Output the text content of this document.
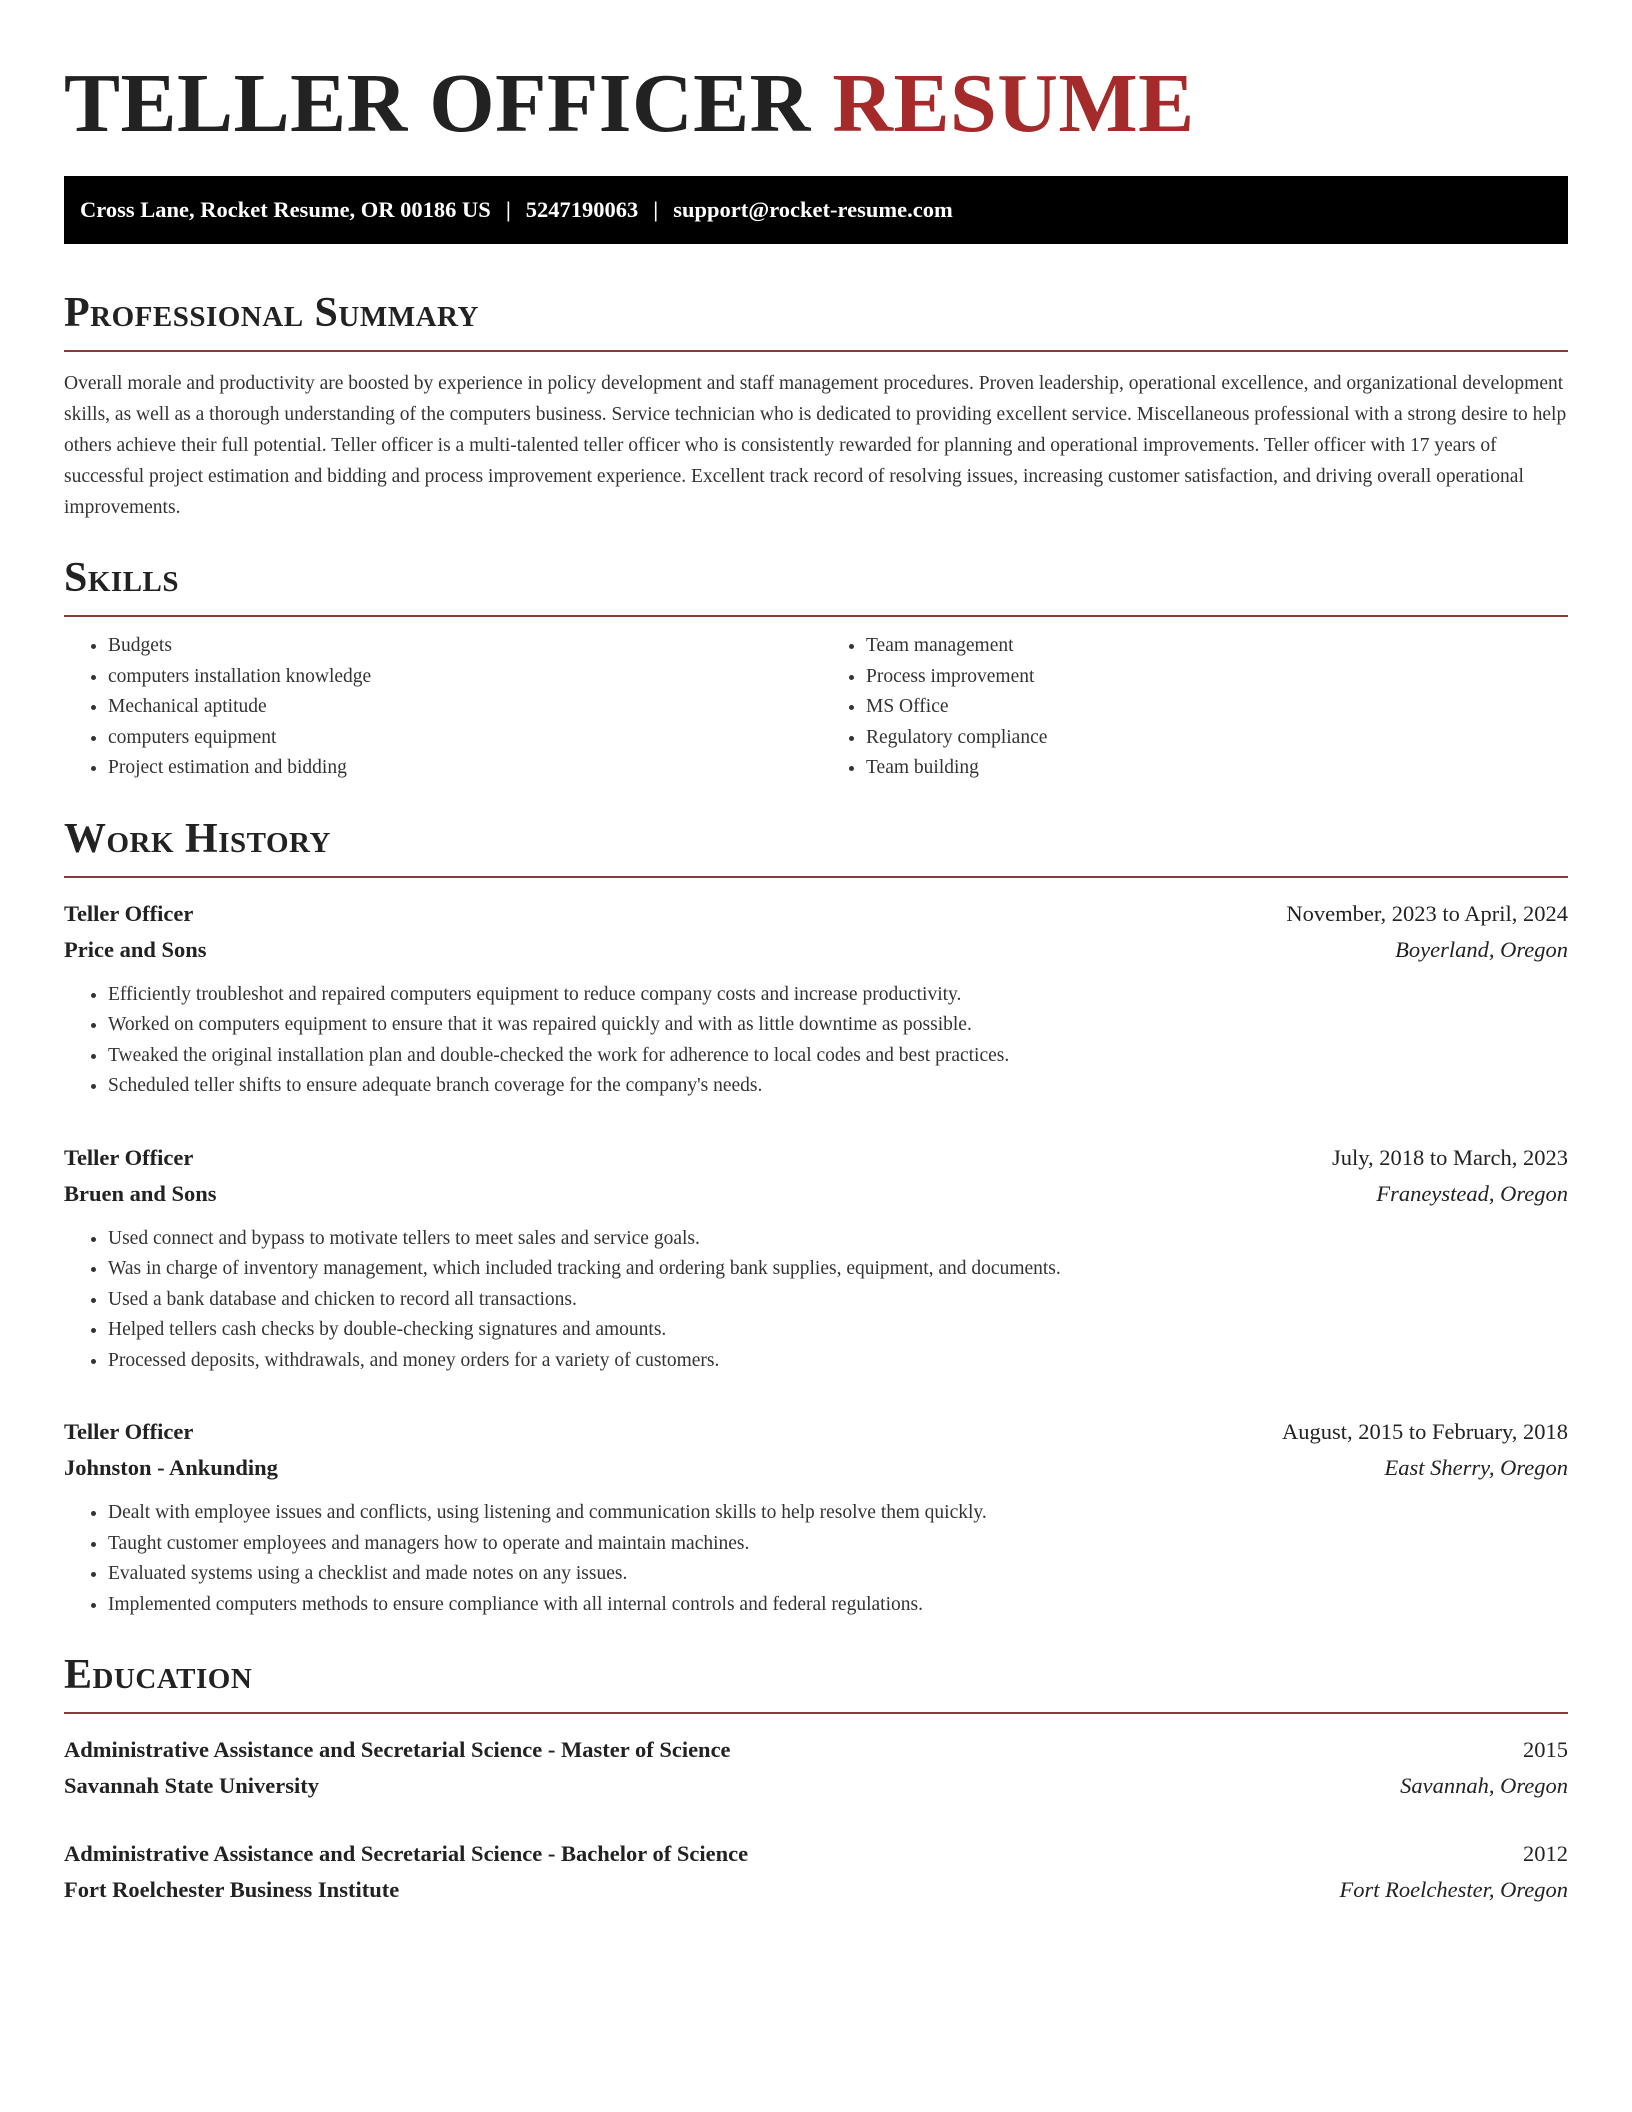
TELLER OFFICER RESUME
Cross Lane, Rocket Resume, OR 00186 US | 5247190063 | support@rocket-resume.com
Professional Summary

Overall morale and productivity are boosted by experience in policy development and staff management procedures. Proven leadership, operational excellence, and organizational development skills, as well as a thorough understanding of the computers business. Service technician who is dedicated to providing excellent service. Miscellaneous professional with a strong desire to help others achieve their full potential. Teller officer is a multi-talented teller officer who is consistently rewarded for planning and operational improvements. Teller officer with 17 years of successful project estimation and bidding and process improvement experience. Excellent track record of resolving issues, increasing customer satisfaction, and driving overall operational improvements.

Skills
• Budgets
• computers installation knowledge
• Mechanical aptitude
• computers equipment
• Project estimation and bidding
• Team management
• Process improvement
• MS Office
• Regulatory compliance
• Team building
Work History
Teller Officer	November, 2023 to April, 2024
Price and Sons	Boyerland, Oregon
• Efficiently troubleshot and repaired computers equipment to reduce company costs and increase productivity.
• Worked on computers equipment to ensure that it was repaired quickly and with as little downtime as possible.
• Tweaked the original installation plan and double-checked the work for adherence to local codes and best practices.
• Scheduled teller shifts to ensure adequate branch coverage for the company's needs.
Teller Officer	July, 2018 to March, 2023
Bruen and Sons	Franeystead, Oregon
• Used connect and bypass to motivate tellers to meet sales and service goals.
• Was in charge of inventory management, which included tracking and ordering bank supplies, equipment, and documents.
• Used a bank database and chicken to record all transactions.
• Helped tellers cash checks by double-checking signatures and amounts.
• Processed deposits, withdrawals, and money orders for a variety of customers.
Teller Officer	August, 2015 to February, 2018
Johnston - Ankunding	East Sherry, Oregon
• Dealt with employee issues and conflicts, using listening and communication skills to help resolve them quickly.
• Taught customer employees and managers how to operate and maintain machines.
• Evaluated systems using a checklist and made notes on any issues.
• Implemented computers methods to ensure compliance with all internal controls and federal regulations.
Education
Administrative Assistance and Secretarial Science - Master of Science	2015
Savannah State University	Savannah, Oregon
Administrative Assistance and Secretarial Science - Bachelor of Science	2012
Fort Roelchester Business Institute	Fort Roelchester, Oregon
